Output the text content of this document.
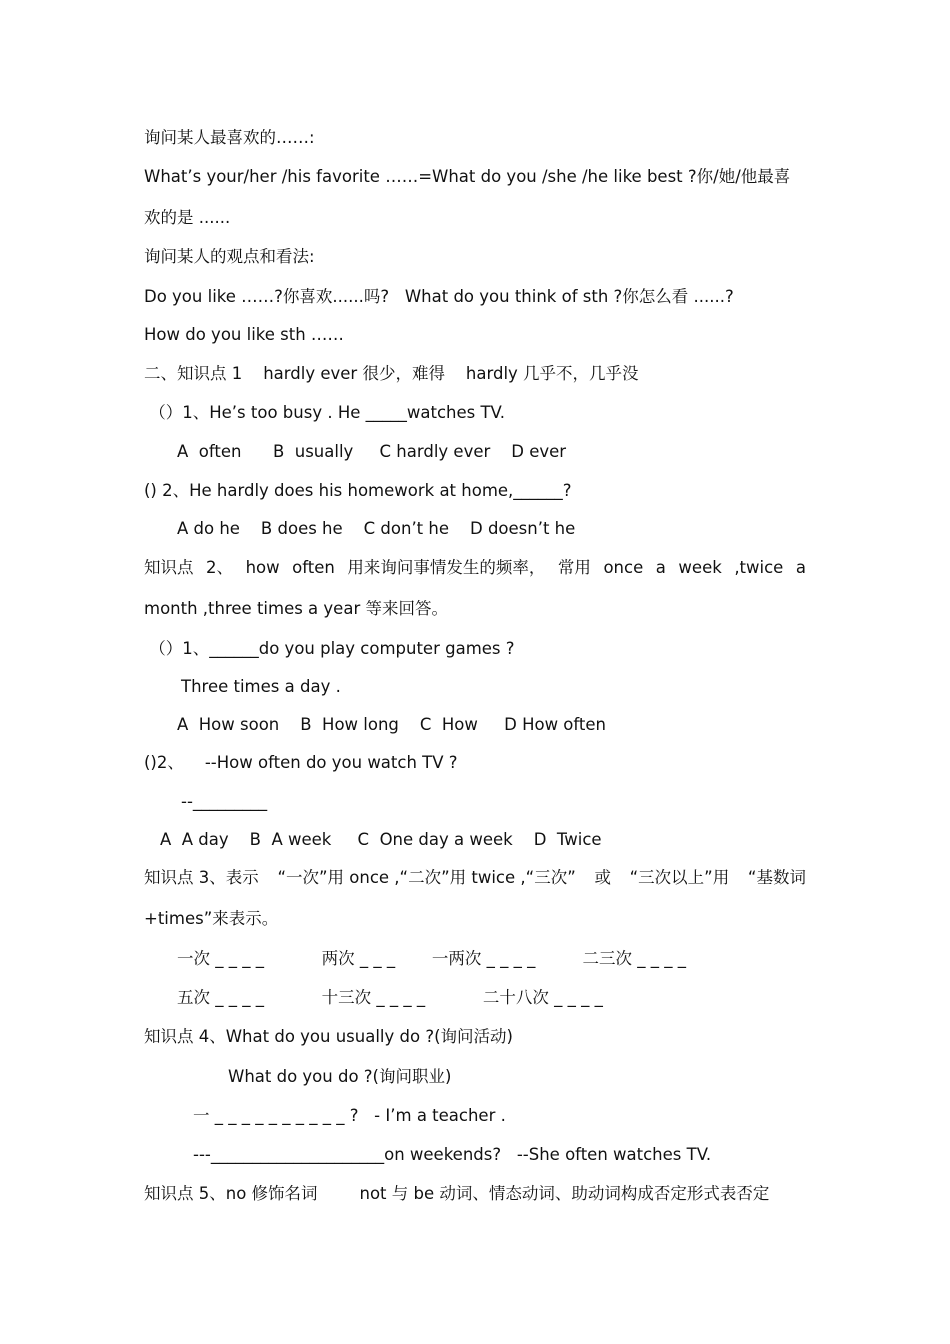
询问某人最喜欢的……:
What’s your/her /his favorite ……=What do you /she /he like best ?你/她/他最喜
欢的是 ......
询问某人的观点和看法:
Do you like ……?你喜欢......吗?   What do you think of sth ?你怎么看 ......?
How do you like sth ……
二、知识点 1    hardly ever 很少，难得    hardly 几乎不，几乎没
（）1、He’s too busy . He _____watches TV.
A  often      B  usually     C hardly ever    D ever
() 2、He hardly does his homework at home,______?
A do he    B does he    C don’t he    D doesn’t he
知识点 2、 how often 用来询问事情发生的频率， 常用 once a week ,twice a
month ,three times a year 等来回答。
（）1、______do you play computer games ?
Three times a day .
A  How soon    B  How long    C  How     D How often
()2、    --How often do you watch TV ?
--_________
A  A day    B  A week     C  One day a week    D  Twice
知识点 3、表示 “一次”用 once ,“二次”用 twice ,“三次” 或 “三次以上”用 “基数词
+times”来表示。
一次 _ _ _ _           两次 _ _ _       一两次 _ _ _ _         二三次 _ _ _ _
五次 _ _ _ _           十三次 _ _ _ _           二十八次 _ _ _ _
知识点 4、What do you usually do ?(询问活动)
What do you do ?(询问职业)
一 _ _ _ _ _ _ _ _ _ _ ?   - I’m a teacher .
---_____________________on weekends?   --She often watches TV.
知识点 5、no 修饰名词        not 与 be 动词、情态动词、助动词构成否定形式表否定
